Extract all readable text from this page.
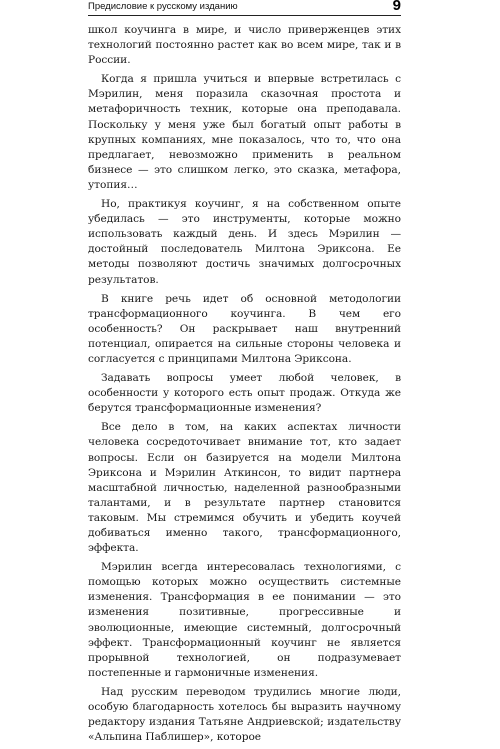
Предисловие к русскому изданию	9

школ коучинга в мире, и число приверженцев этих технологий постоянно растет как во всем мире, так и в России.

Когда я пришла учиться и впервые встретилась с Мэрилин, меня поразила сказочная простота и метафоричность техник, которые она преподавала. Поскольку у меня уже был богатый опыт работы в крупных компаниях, мне показалось, что то, что она предлагает, невозможно применить в реальном бизнесе — это слишком легко, это сказка, метафора, утопия…

Но, практикуя коучинг, я на собственном опыте убедилась — это инструменты, которые можно использовать каждый день. И здесь Мэрилин — достойный последователь Милтона Эриксона. Ее методы позволяют достичь значимых долгосрочных результатов.

В книге речь идет об основной методологии трансформационного коучинга. В чем его особенность? Он раскрывает наш внутренний потенциал, опирается на сильные стороны человека и согласуется с принципами Милтона Эриксона.

Задавать вопросы умеет любой человек, в особенности у которого есть опыт продаж. Откуда же берутся трансформационные изменения?

Все дело в том, на каких аспектах личности человека сосредоточивает внимание тот, кто задает вопросы. Если он базируется на модели Милтона Эриксона и Мэрилин Аткинсон, то видит партнера масштабной личностью, наделенной разнообразными талантами, и в результате партнер становится таковым. Мы стремимся обучить и убедить коучей добиваться именно такого, трансформационного, эффекта.

Мэрилин всегда интересовалась технологиями, с помощью которых можно осуществить системные изменения. Трансформация в ее понимании — это изменения позитивные, прогрессивные и эволюционные, имеющие системный, долгосрочный эффект. Трансформационный коучинг не является прорывной технологией, он подразумевает постепенные и гармоничные изменения.

Над русским переводом трудились многие люди, особую благодарность хотелось бы выразить научному редактору издания Татьяне Андриевской; издательству «Альпина Паблишер», которое
